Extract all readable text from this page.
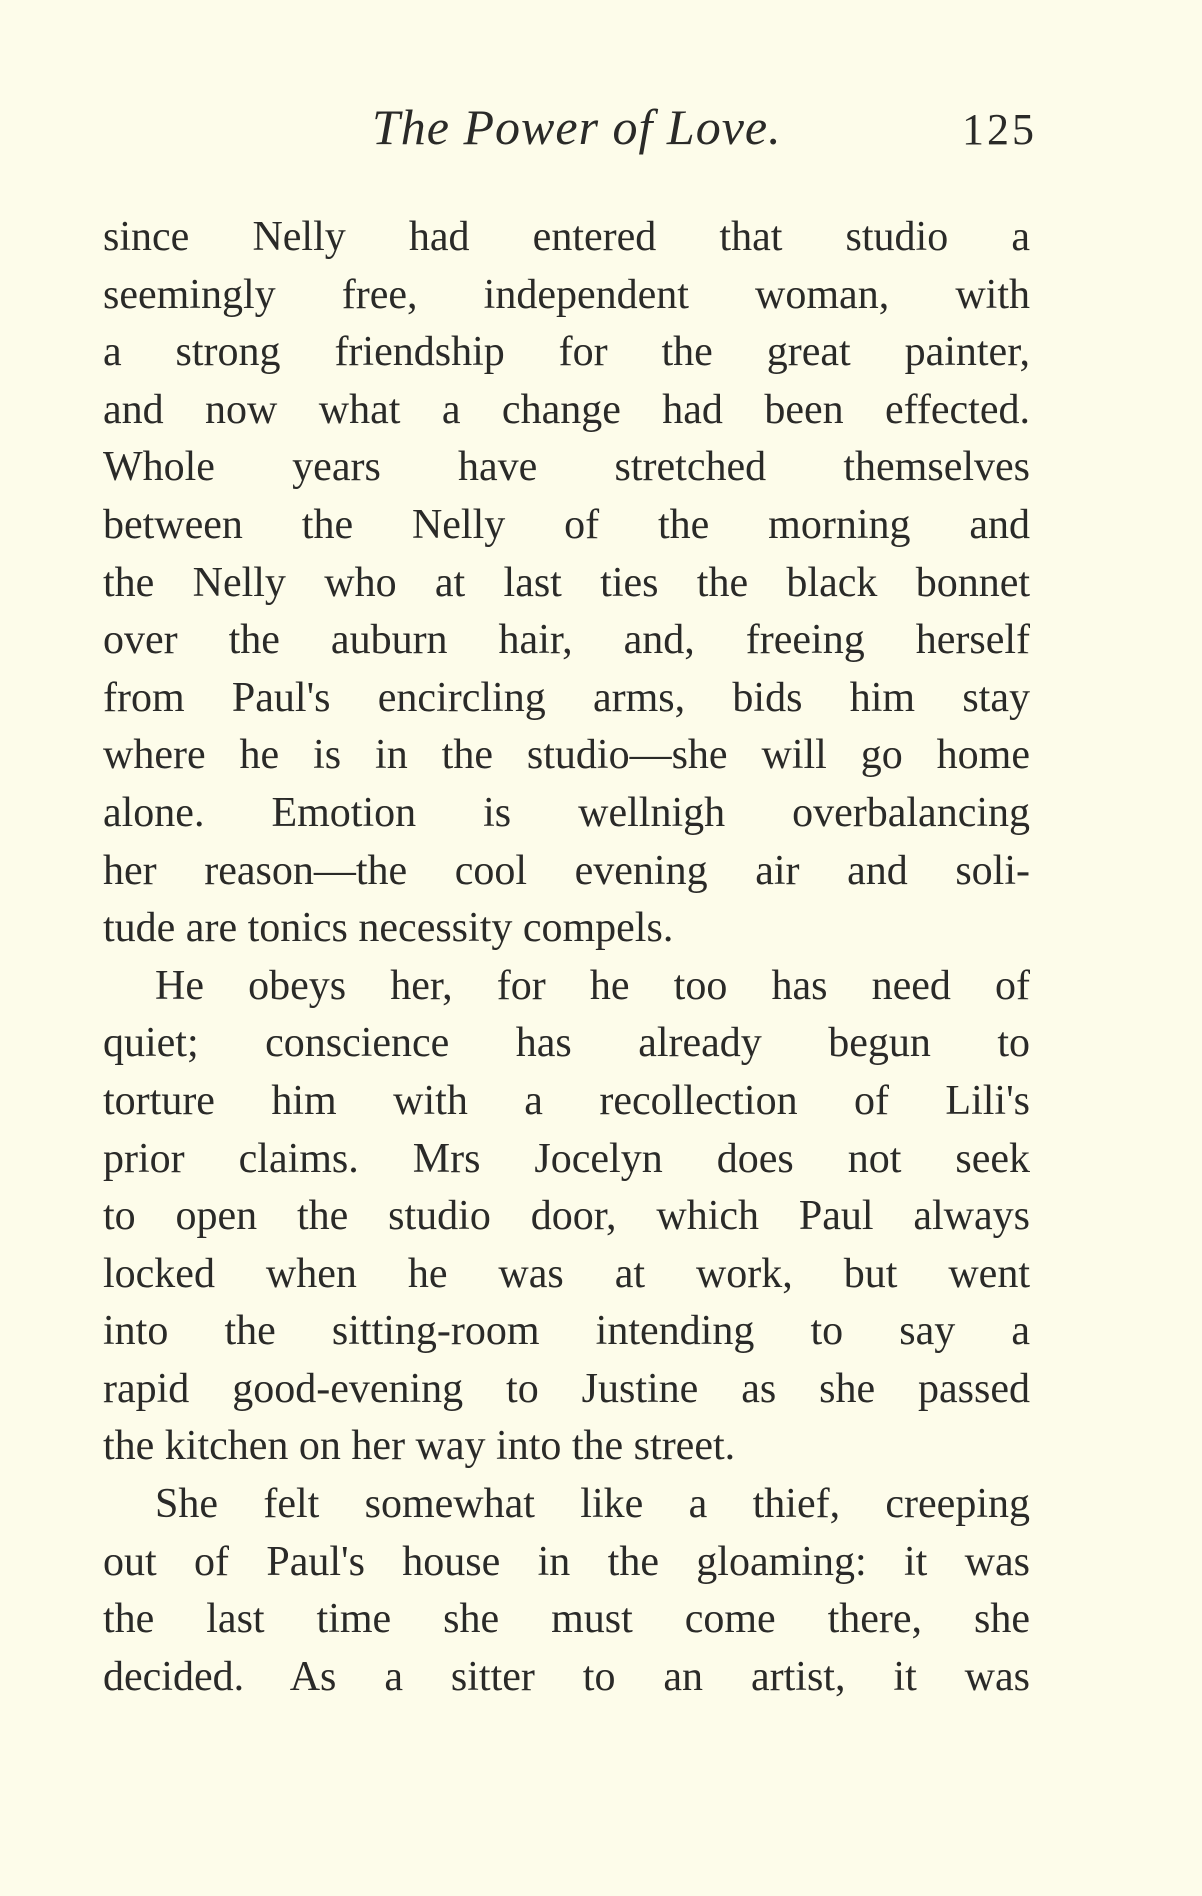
The Power of Love.	125
since Nelly had entered that studio a
seemingly free, independent woman, with
a strong friendship for the great painter,
and now what a change had been effected.
Whole years have stretched themselves
between the Nelly of the morning and
the Nelly who at last ties the black bonnet
over the auburn hair, and, freeing herself
from Paul's encircling arms, bids him stay
where he is in the studio—she will go home
alone. Emotion is wellnigh overbalancing
her reason—the cool evening air and soli-
tude are tonics necessity compels.
He obeys her, for he too has need of
quiet; conscience has already begun to
torture him with a recollection of Lili's
prior claims. Mrs Jocelyn does not seek
to open the studio door, which Paul always
locked when he was at work, but went
into the sitting-room intending to say a
rapid good-evening to Justine as she passed
the kitchen on her way into the street.
She felt somewhat like a thief, creeping
out of Paul's house in the gloaming: it was
the last time she must come there, she
decided. As a sitter to an artist, it was
